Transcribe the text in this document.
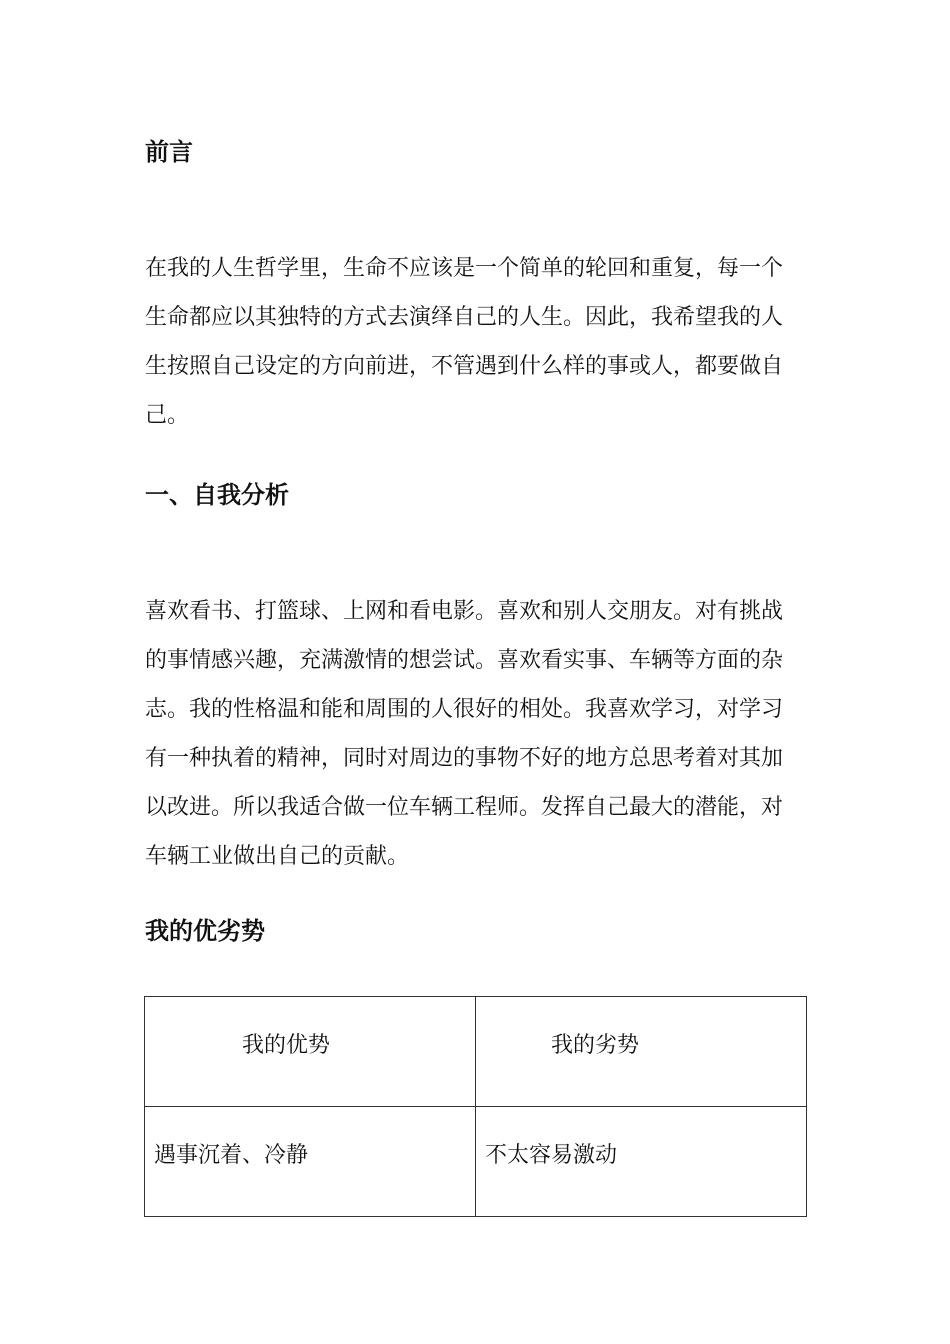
前言

在我的人生哲学里，生命不应该是一个简单的轮回和重复，每一个
生命都应以其独特的方式去演绎自己的人生。因此，我希望我的人
生按照自己设定的方向前进，不管遇到什么样的事或人，都要做自
己。

一、自我分析

喜欢看书、打篮球、上网和看电影。喜欢和别人交朋友。对有挑战
的事情感兴趣，充满激情的想尝试。喜欢看实事、车辆等方面的杂
志。我的性格温和能和周围的人很好的相处。我喜欢学习，对学习
有一种执着的精神，同时对周边的事物不好的地方总思考着对其加
以改进。所以我适合做一位车辆工程师。发挥自己最大的潜能，对
车辆工业做出自己的贡献。

我的优劣势
我的优势	我的劣势
遇事沉着、冷静	不太容易激动
